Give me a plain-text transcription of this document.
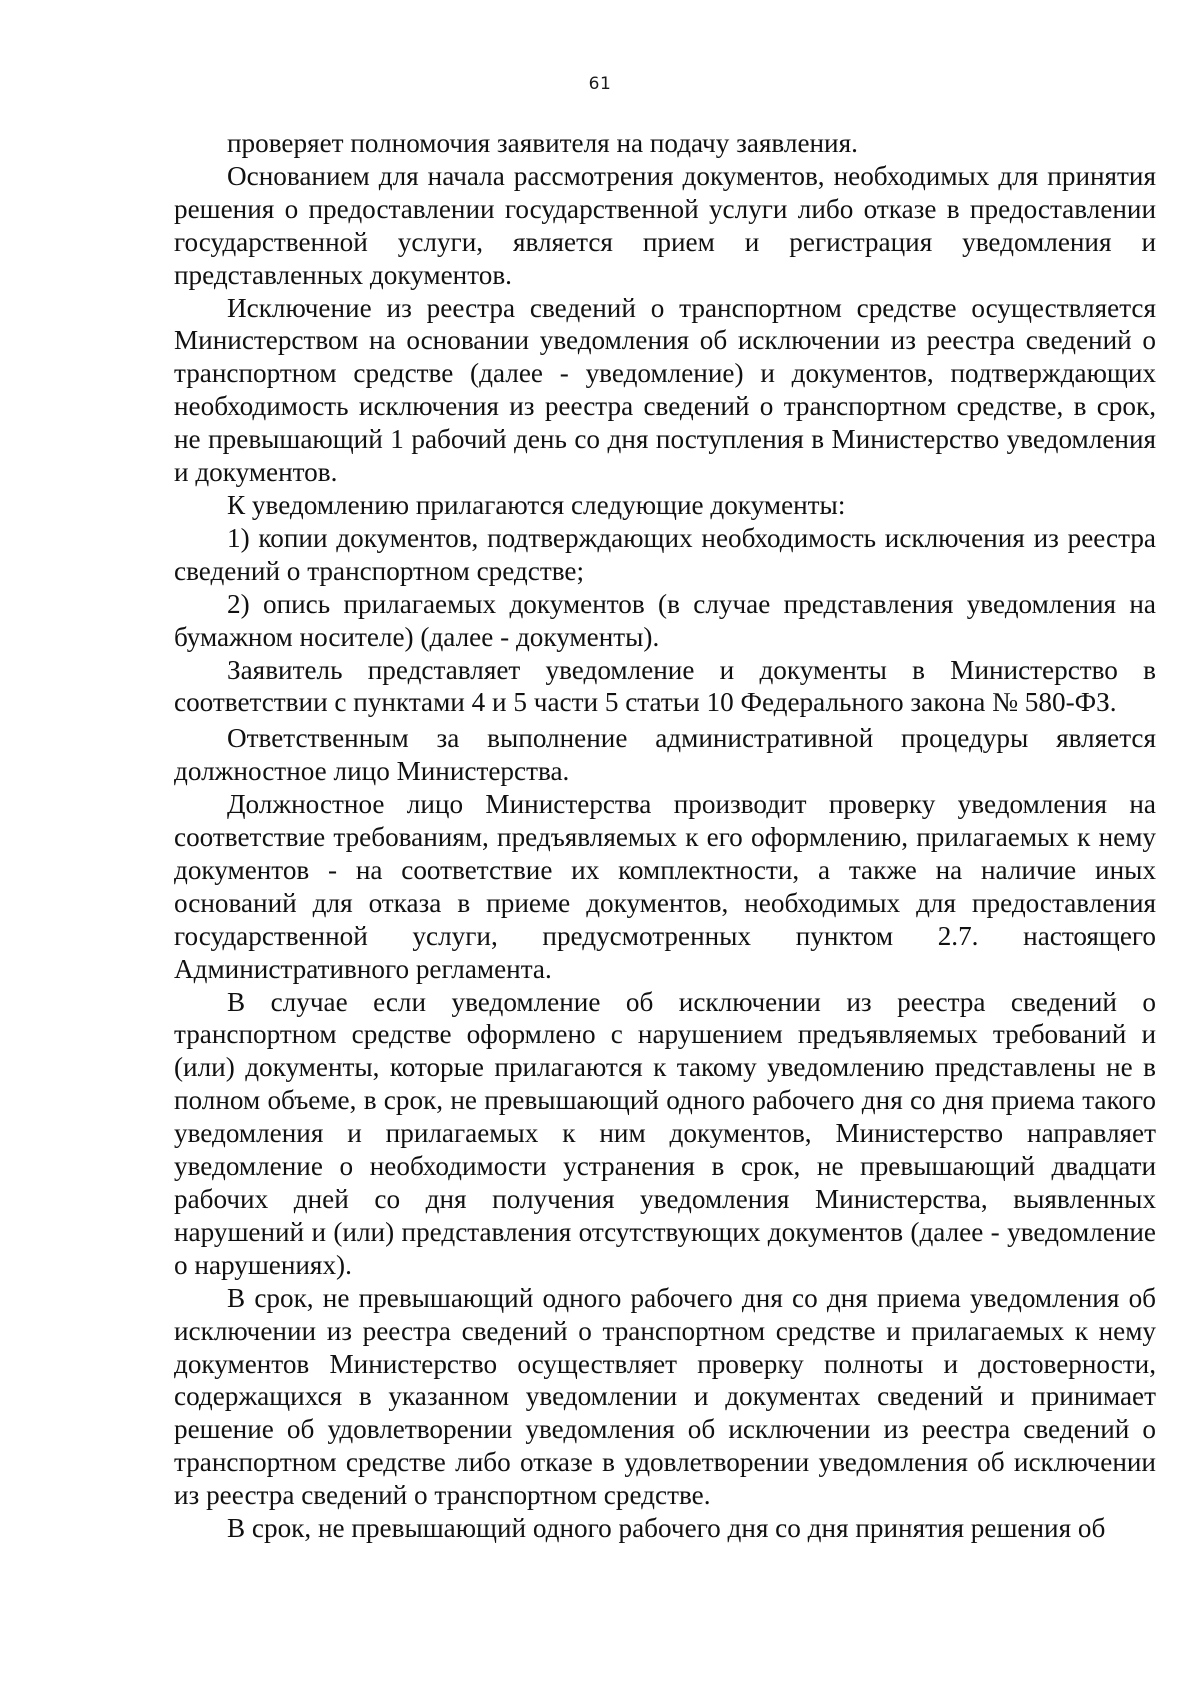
61

проверяет полномочия заявителя на подачу заявления.

Основанием для начала рассмотрения документов, необходимых для принятия решения о предоставлении государственной услуги либо отказе в предоставлении государственной услуги, является прием и регистрация уведомления и представленных документов.

Исключение из реестра сведений о транспортном средстве осуществляется Министерством на основании уведомления об исключении из реестра сведений о транспортном средстве (далее - уведомление) и документов, подтверждающих необходимость исключения из реестра сведений о транспортном средстве, в срок, не превышающий 1 рабочий день со дня поступления в Министерство уведомления и документов.

К уведомлению прилагаются следующие документы:

1) копии документов, подтверждающих необходимость исключения из реестра сведений о транспортном средстве;

2) опись прилагаемых документов (в случае представления уведомления на бумажном носителе) (далее - документы).

Заявитель представляет уведомление и документы в Министерство в соответствии с пунктами 4 и 5 части 5 статьи 10 Федерального закона № 580-ФЗ.

Ответственным за выполнение административной процедуры является должностное лицо Министерства.

Должностное лицо Министерства производит проверку уведомления на соответствие требованиям, предъявляемых к его оформлению, прилагаемых к нему документов - на соответствие их комплектности, а также на наличие иных оснований для отказа в приеме документов, необходимых для предоставления государственной услуги, предусмотренных пунктом 2.7. настоящего Административного регламента.

В случае если уведомление об исключении из реестра сведений о транспортном средстве оформлено с нарушением предъявляемых требований и (или) документы, которые прилагаются к такому уведомлению представлены не в полном объеме, в срок, не превышающий одного рабочего дня со дня приема такого уведомления и прилагаемых к ним документов, Министерство направляет уведомление о необходимости устранения в срок, не превышающий двадцати рабочих дней со дня получения уведомления Министерства, выявленных нарушений и (или) представления отсутствующих документов (далее - уведомление о нарушениях).

В срок, не превышающий одного рабочего дня со дня приема уведомления об исключении из реестра сведений о транспортном средстве и прилагаемых к нему документов Министерство осуществляет проверку полноты и достоверности, содержащихся в указанном уведомлении и документах сведений и принимает решение об удовлетворении уведомления об исключении из реестра сведений о транспортном средстве либо отказе в удовлетворении уведомления об исключении из реестра сведений о транспортном средстве.

В срок, не превышающий одного рабочего дня со дня принятия решения об
